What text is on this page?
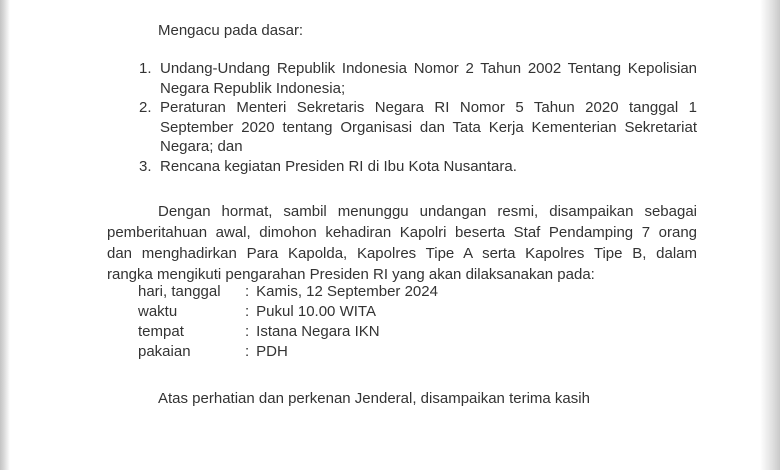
Mengacu pada dasar:
1. Undang-Undang Republik Indonesia Nomor 2 Tahun 2002 Tentang Kepolisian
Negara Republik Indonesia;
2. Peraturan Menteri Sekretaris Negara RI Nomor 5 Tahun 2020 tanggal 1
September 2020 tentang Organisasi dan Tata Kerja Kementerian Sekretariat
Negara; dan
3. Rencana kegiatan Presiden RI di Ibu Kota Nusantara.
Dengan hormat, sambil menunggu undangan resmi, disampaikan sebagai
pemberitahuan awal, dimohon kehadiran Kapolri beserta Staf Pendamping 7 orang
dan menghadirkan Para Kapolda, Kapolres Tipe A serta Kapolres Tipe B, dalam
rangka mengikuti pengarahan Presiden RI yang akan dilaksanakan pada:
hari, tanggal	: Kamis, 12 September 2024
waktu	: Pukul 10.00 WITA
tempat	: Istana Negara IKN
pakaian	: PDH
Atas perhatian dan perkenan Jenderal, disampaikan terima kasih
